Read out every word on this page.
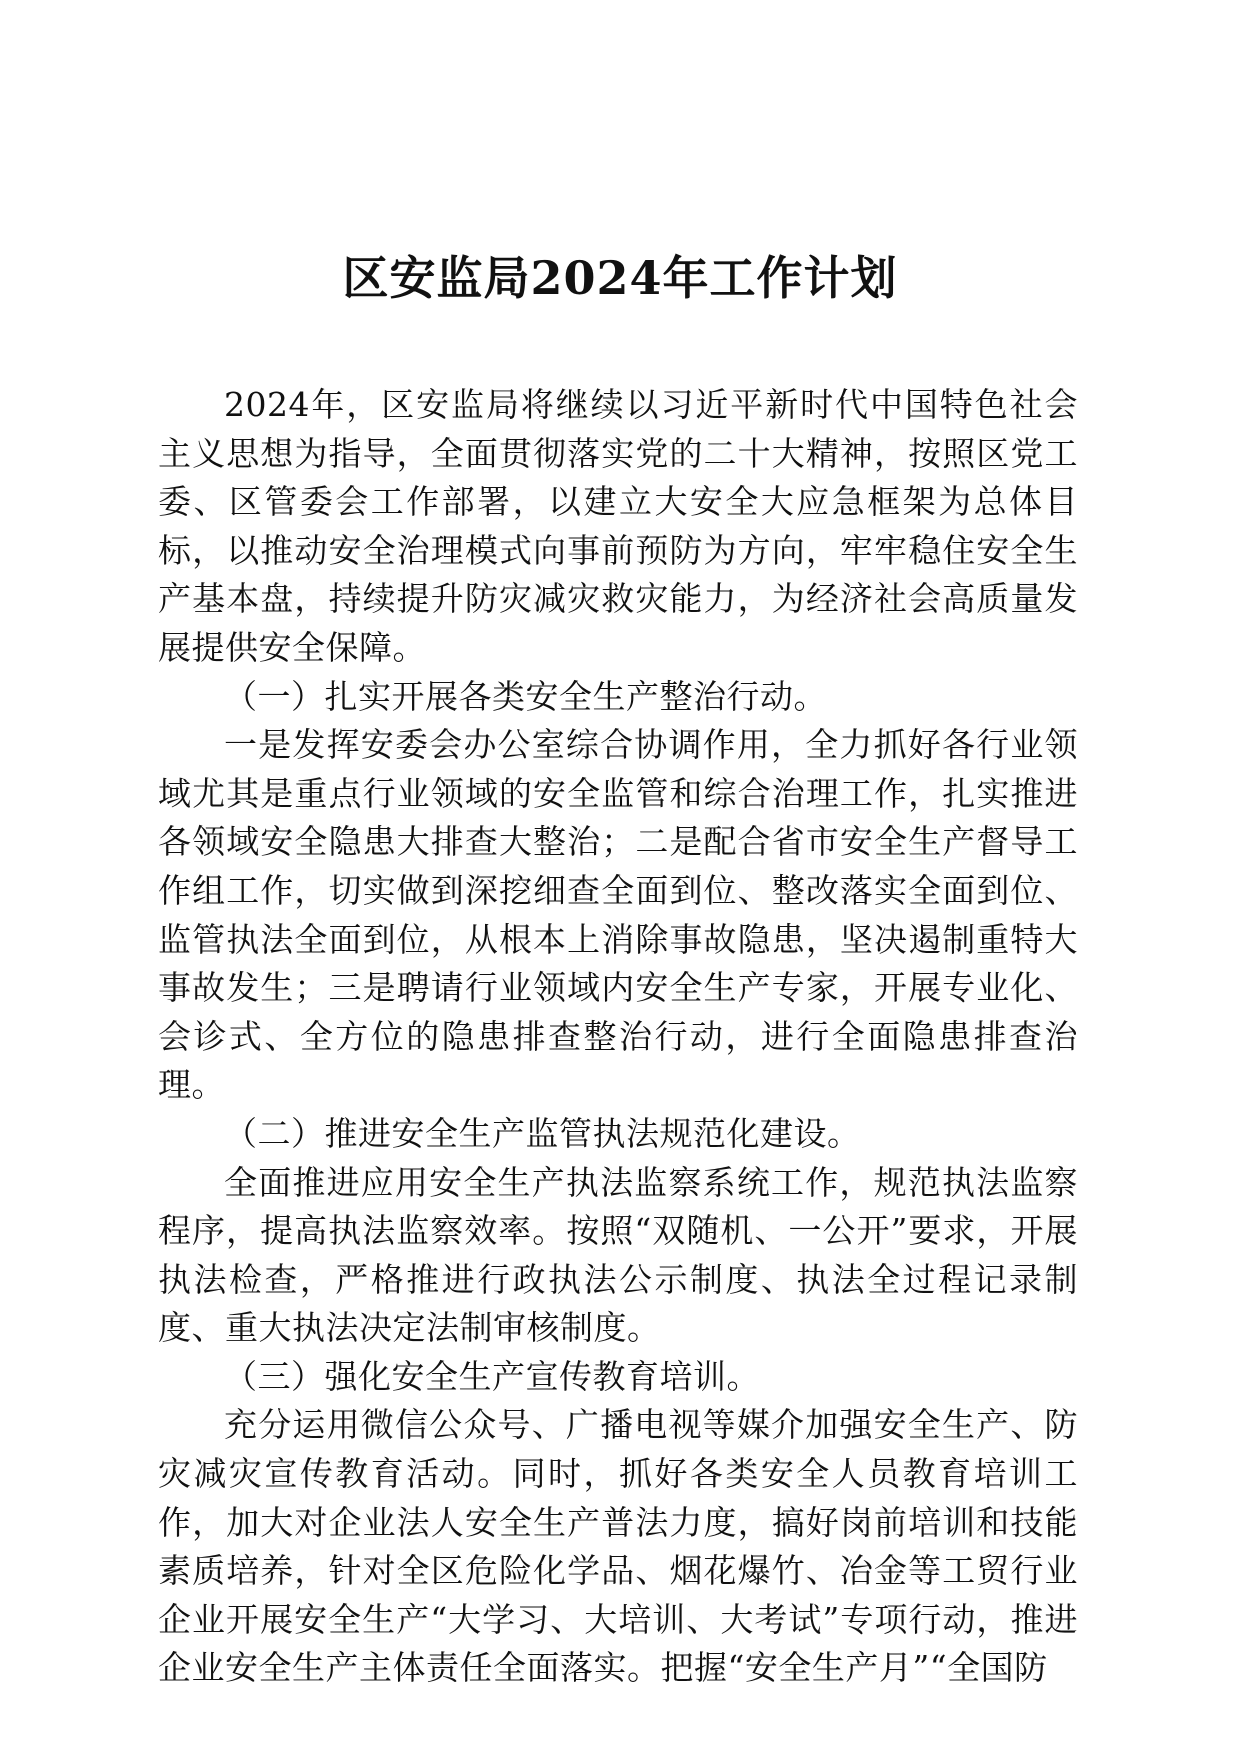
区安监局2024年工作计划

2024年，区安监局将继续以习近平新时代中国特色社会主义思想为指导，全面贯彻落实党的二十大精神，按照区党工委、区管委会工作部署，以建立大安全大应急框架为总体目标，以推动安全治理模式向事前预防为方向，牢牢稳住安全生产基本盘，持续提升防灾减灾救灾能力，为经济社会高质量发展提供安全保障。

（一）扎实开展各类安全生产整治行动。

一是发挥安委会办公室综合协调作用，全力抓好各行业领域尤其是重点行业领域的安全监管和综合治理工作，扎实推进各领域安全隐患大排查大整治；二是配合省市安全生产督导工作组工作，切实做到深挖细查全面到位、整改落实全面到位、监管执法全面到位，从根本上消除事故隐患，坚决遏制重特大事故发生；三是聘请行业领域内安全生产专家，开展专业化、会诊式、全方位的隐患排查整治行动，进行全面隐患排查治理。

（二）推进安全生产监管执法规范化建设。

全面推进应用安全生产执法监察系统工作，规范执法监察程序，提高执法监察效率。按照“双随机、一公开”要求，开展执法检查，严格推进行政执法公示制度、执法全过程记录制度、重大执法决定法制审核制度。

（三）强化安全生产宣传教育培训。

充分运用微信公众号、广播电视等媒介加强安全生产、防灾减灾宣传教育活动。同时，抓好各类安全人员教育培训工作，加大对企业法人安全生产普法力度，搞好岗前培训和技能素质培养，针对全区危险化学品、烟花爆竹、冶金等工贸行业企业开展安全生产“大学习、大培训、大考试”专项行动，推进企业安全生产主体责任全面落实。把握“安全生产月”“全国防
